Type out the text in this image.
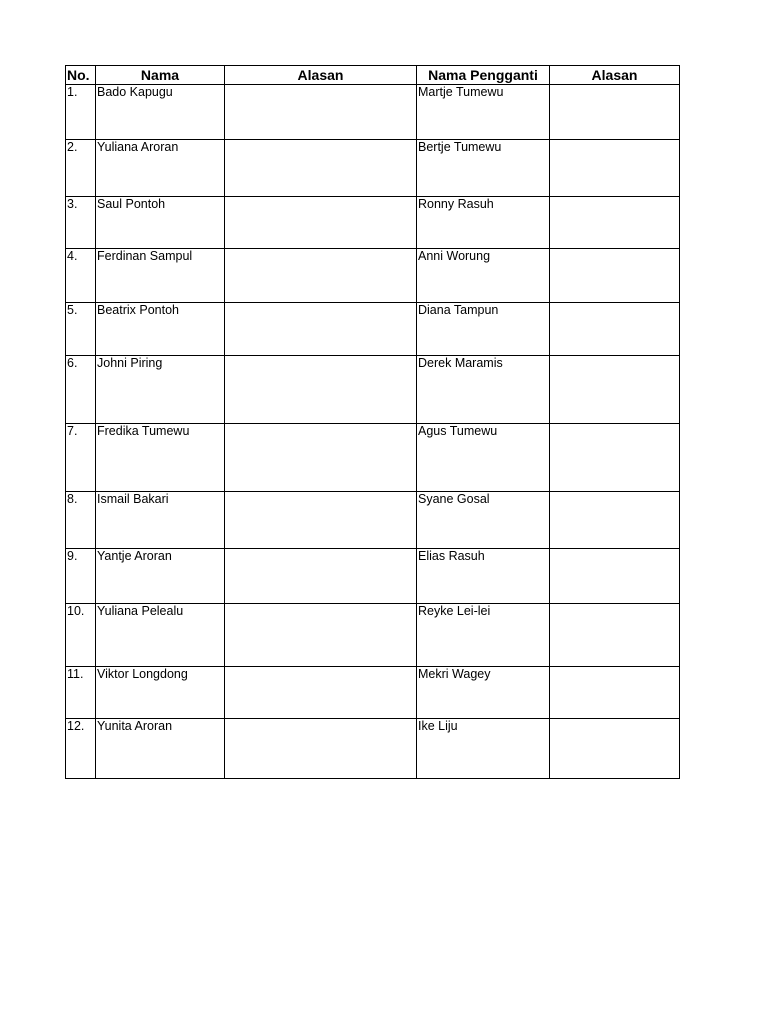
No.	Nama	Alasan	Nama Pengganti	Alasan
1.	Bado Kapugu		Martje Tumewu	
2.	Yuliana Aroran		Bertje Tumewu	
3.	Saul Pontoh		Ronny Rasuh	
4.	Ferdinan Sampul		Anni Worung	
5.	Beatrix Pontoh		Diana Tampun	
6.	Johni Piring		Derek Maramis	
7.	Fredika Tumewu		Agus Tumewu	
8.	Ismail Bakari		Syane Gosal	
9.	Yantje Aroran		Elias Rasuh	
10.	Yuliana Pelealu		Reyke Lei-lei	
11.	Viktor Longdong		Mekri Wagey	
12.	Yunita Aroran		Ike Liju	
